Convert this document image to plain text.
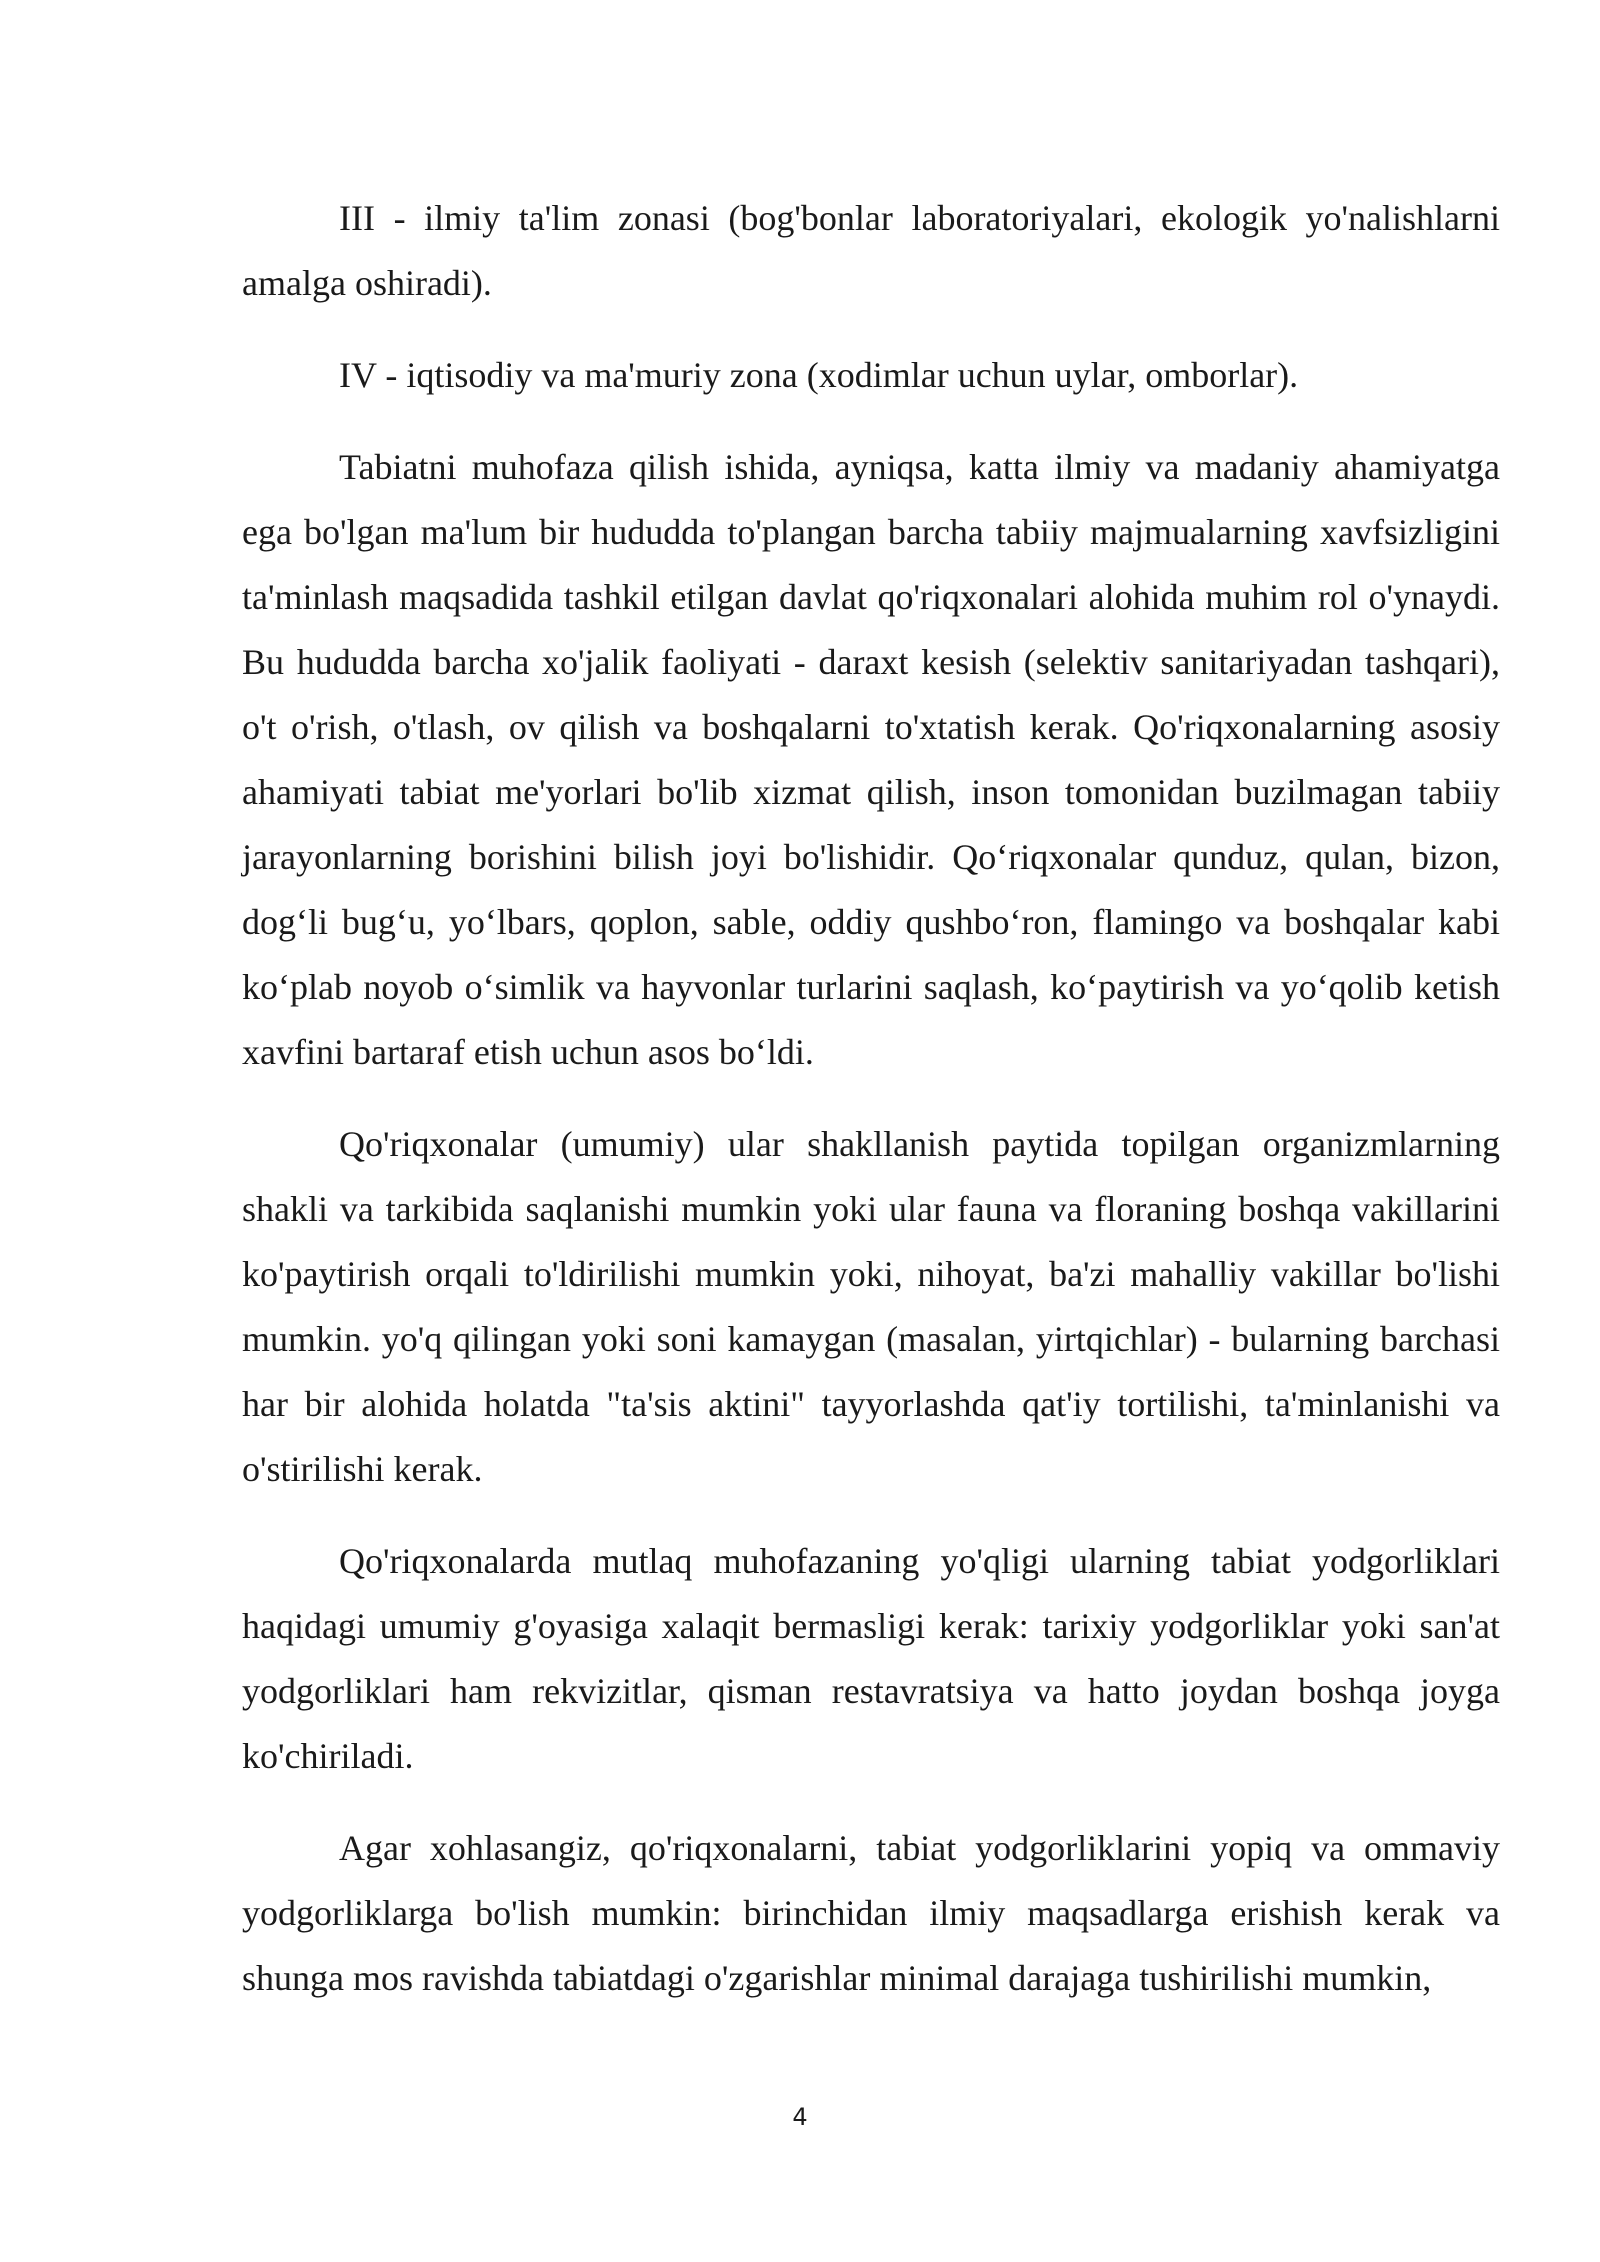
III - ilmiy ta'lim zonasi (bog'bonlar laboratoriyalari, ekologik yo'nalishlarni amalga oshiradi).

IV - iqtisodiy va ma'muriy zona (xodimlar uchun uylar, omborlar).

Tabiatni muhofaza qilish ishida, ayniqsa, katta ilmiy va madaniy ahamiyatga ega bo'lgan ma'lum bir hududda to'plangan barcha tabiiy majmualarning xavfsizligini ta'minlash maqsadida tashkil etilgan davlat qo'riqxonalari alohida muhim rol o'ynaydi. Bu hududda barcha xo'jalik faoliyati - daraxt kesish (selektiv sanitariyadan tashqari), o't o'rish, o'tlash, ov qilish va boshqalarni to'xtatish kerak. Qo'riqxonalarning asosiy ahamiyati tabiat me'yorlari bo'lib xizmat qilish, inson tomonidan buzilmagan tabiiy jarayonlarning borishini bilish joyi bo'lishidir. Qo‘riqxonalar qunduz, qulan, bizon, dog‘li bug‘u, yo‘lbars, qoplon, sable, oddiy qushbo‘ron, flamingo va boshqalar kabi ko‘plab noyob o‘simlik va hayvonlar turlarini saqlash, ko‘paytirish va yo‘qolib ketish xavfini bartaraf etish uchun asos bo‘ldi.

Qo'riqxonalar (umumiy) ular shakllanish paytida topilgan organizmlarning shakli va tarkibida saqlanishi mumkin yoki ular fauna va floraning boshqa vakillarini ko'paytirish orqali to'ldirilishi mumkin yoki, nihoyat, ba'zi mahalliy vakillar bo'lishi mumkin. yo'q qilingan yoki soni kamaygan (masalan, yirtqichlar) - bularning barchasi har bir alohida holatda "ta'sis aktini" tayyorlashda qat'iy tortilishi, ta'minlanishi va o'stirilishi kerak.

Qo'riqxonalarda mutlaq muhofazaning yo'qligi ularning tabiat yodgorliklari haqidagi umumiy g'oyasiga xalaqit bermasligi kerak: tarixiy yodgorliklar yoki san'at yodgorliklari ham rekvizitlar, qisman restavratsiya va hatto joydan boshqa joyga ko'chiriladi.

Agar xohlasangiz, qo'riqxonalarni, tabiat yodgorliklarini yopiq va ommaviy yodgorliklarga bo'lish mumkin: birinchidan ilmiy maqsadlarga erishish kerak va shunga mos ravishda tabiatdagi o'zgarishlar minimal darajaga tushirilishi mumkin,

4
